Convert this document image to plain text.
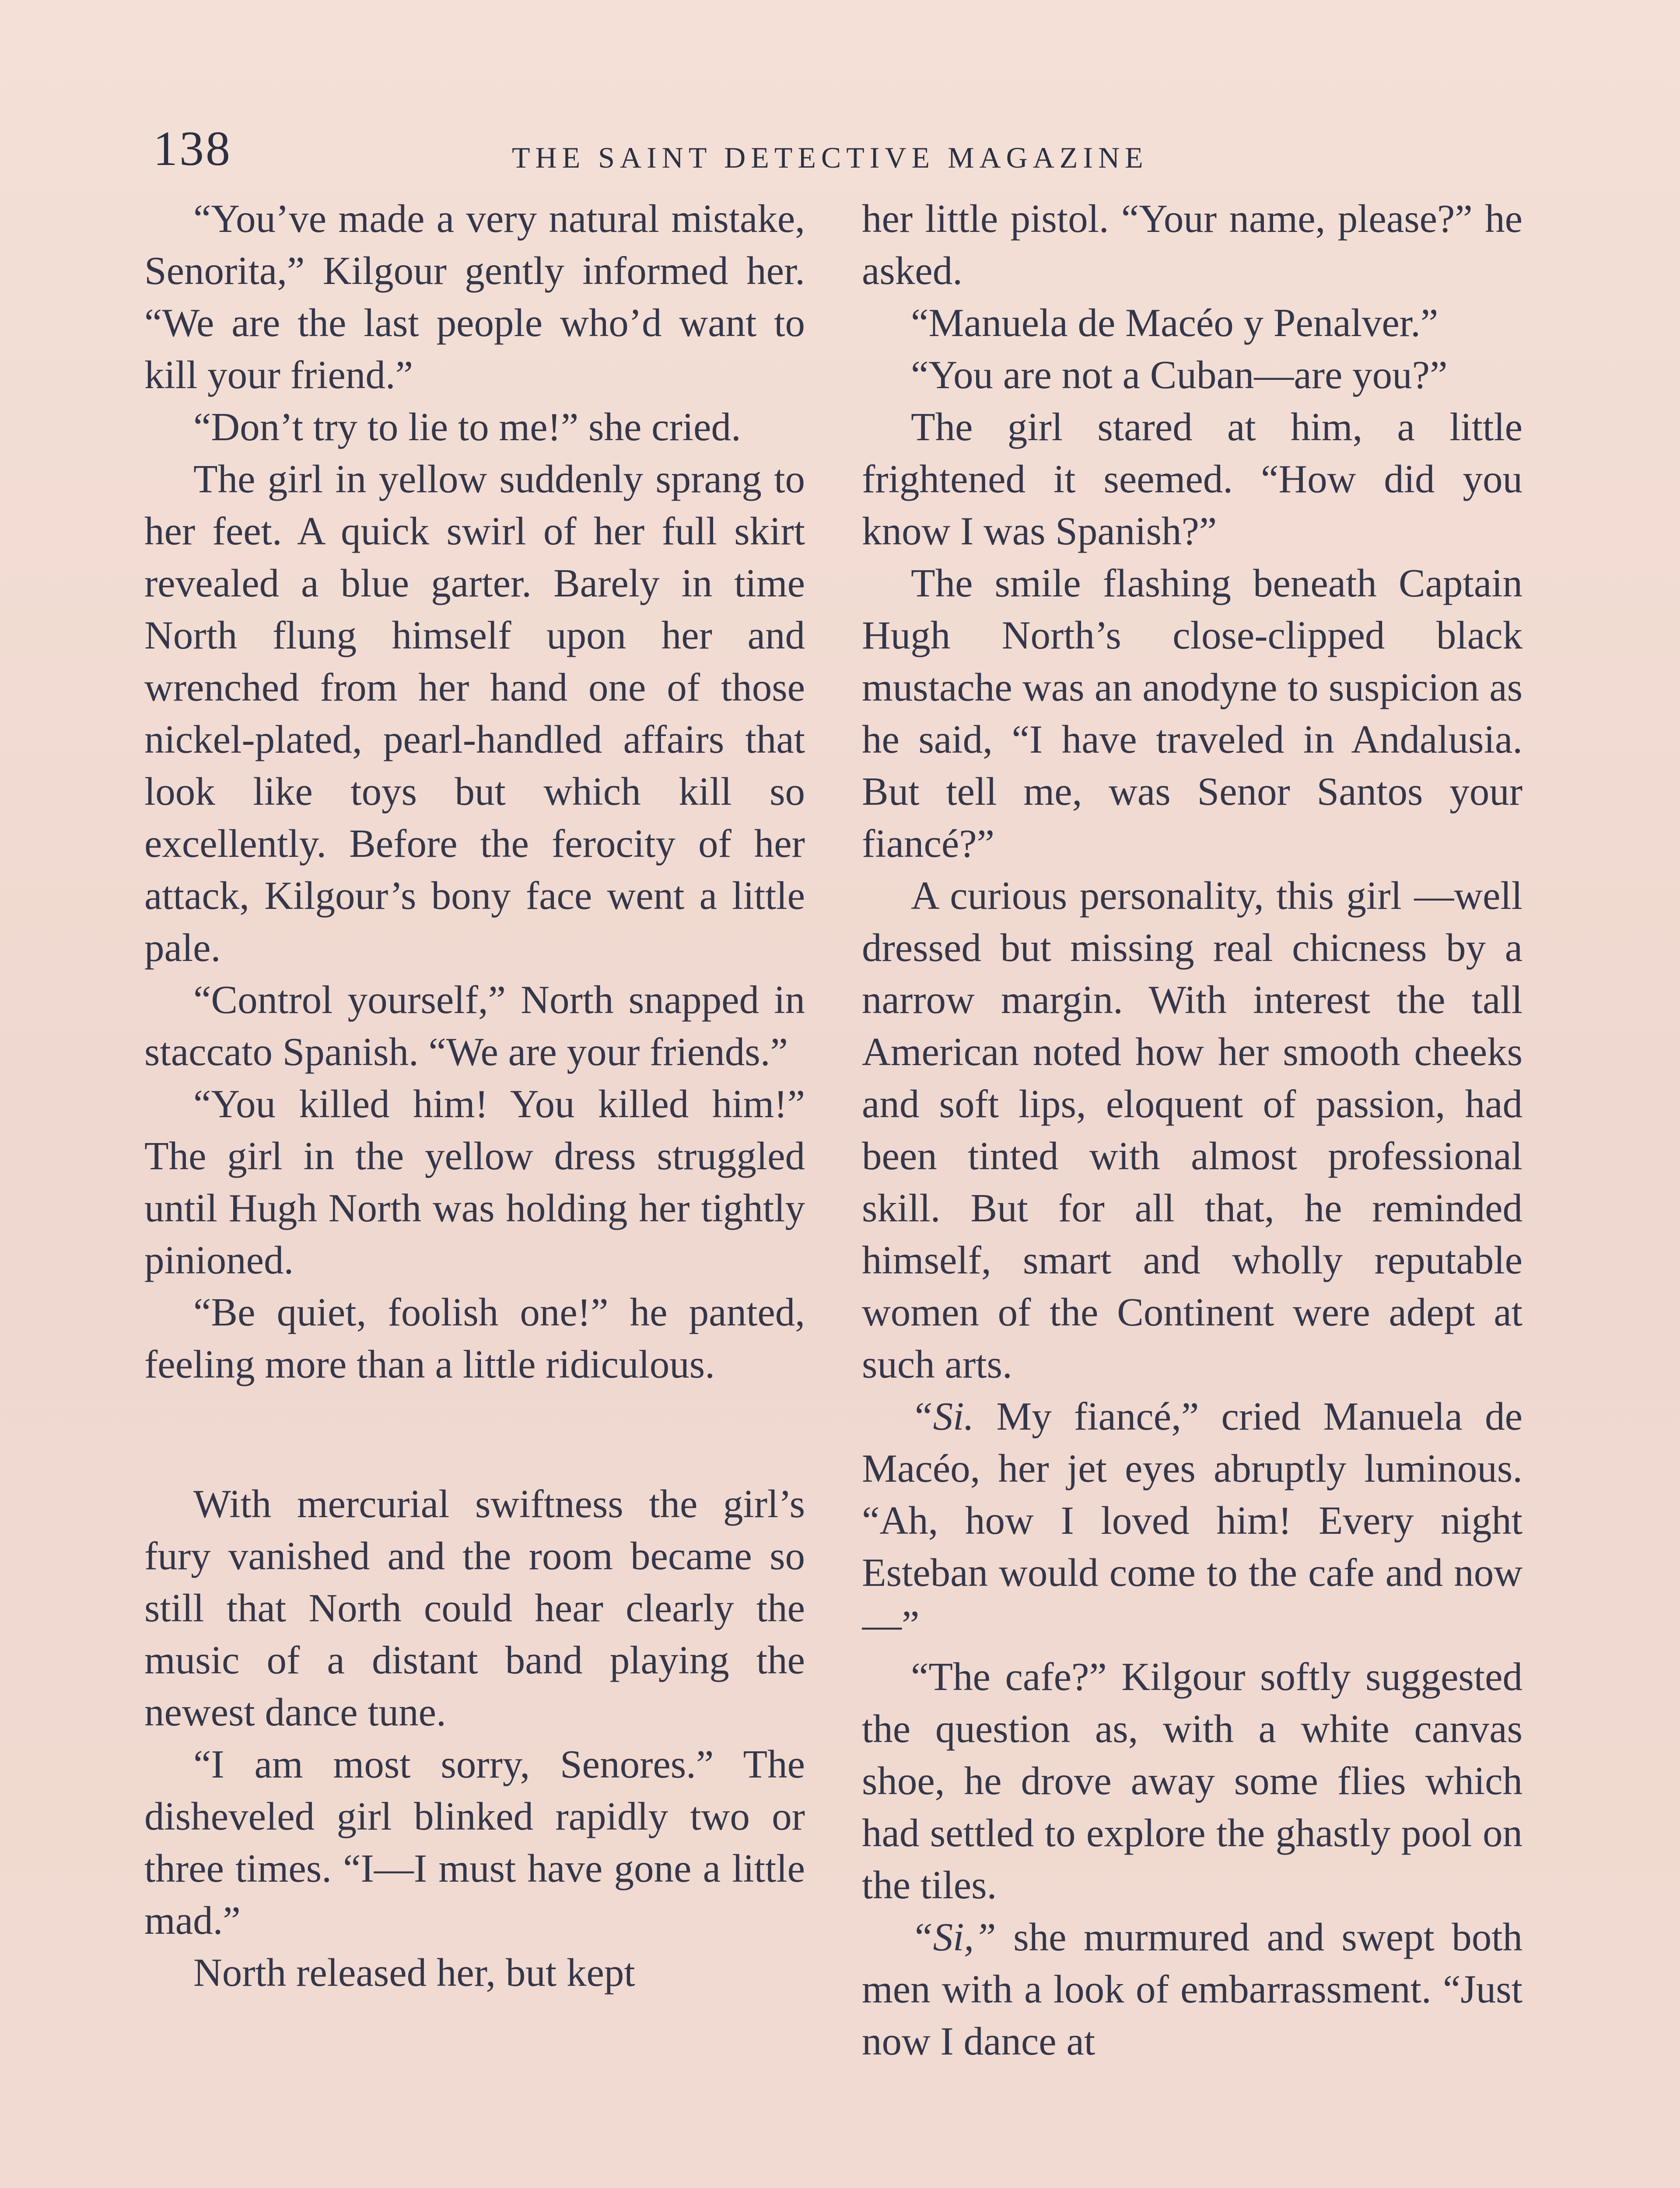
138	THE SAINT DETECTIVE MAGAZINE

“You’ve made a very natural mistake, Senorita,” Kilgour gently informed her. “We are the last people who’d want to kill your friend.”

“Don’t try to lie to me!” she cried.

The girl in yellow suddenly sprang to her feet. A quick swirl of her full skirt revealed a blue garter. Barely in time North flung himself upon her and wrenched from her hand one of those nickel-plated, pearl-handled affairs that look like toys but which kill so excellently. Before the ferocity of her attack, Kilgour’s bony face went a little pale.

“Control yourself,” North snapped in staccato Spanish. “We are your friends.”

“You killed him! You killed him!” The girl in the yellow dress struggled until Hugh North was holding her tightly pinioned.

“Be quiet, foolish one!” he panted, feeling more than a little ridiculous.

With mercurial swiftness the girl’s fury vanished and the room became so still that North could hear clearly the music of a distant band playing the newest dance tune.

“I am most sorry, Senores.” The disheveled girl blinked rapidly two or three times. “I—I must have gone a little mad.”

North released her, but kept

her little pistol. “Your name, please?” he asked.

“Manuela de Macéo y Penalver.”

“You are not a Cuban—are you?”

The girl stared at him, a little frightened it seemed. “How did you know I was Spanish?”

The smile flashing beneath Captain Hugh North’s close-clipped black mustache was an anodyne to suspicion as he said, “I have traveled in Andalusia. But tell me, was Senor Santos your fiancé?”

A curious personality, this girl —well dressed but missing real chicness by a narrow margin. With interest the tall American noted how her smooth cheeks and soft lips, eloquent of passion, had been tinted with almost professional skill. But for all that, he reminded himself, smart and wholly reputable women of the Continent were adept at such arts.

“Si. My fiancé,” cried Manuela de Macéo, her jet eyes abruptly luminous. “Ah, how I loved him! Every night Esteban would come to the cafe and now—”

“The cafe?” Kilgour softly suggested the question as, with a white canvas shoe, he drove away some flies which had settled to explore the ghastly pool on the tiles.

“Si,” she murmured and swept both men with a look of embarrassment. “Just now I dance at
